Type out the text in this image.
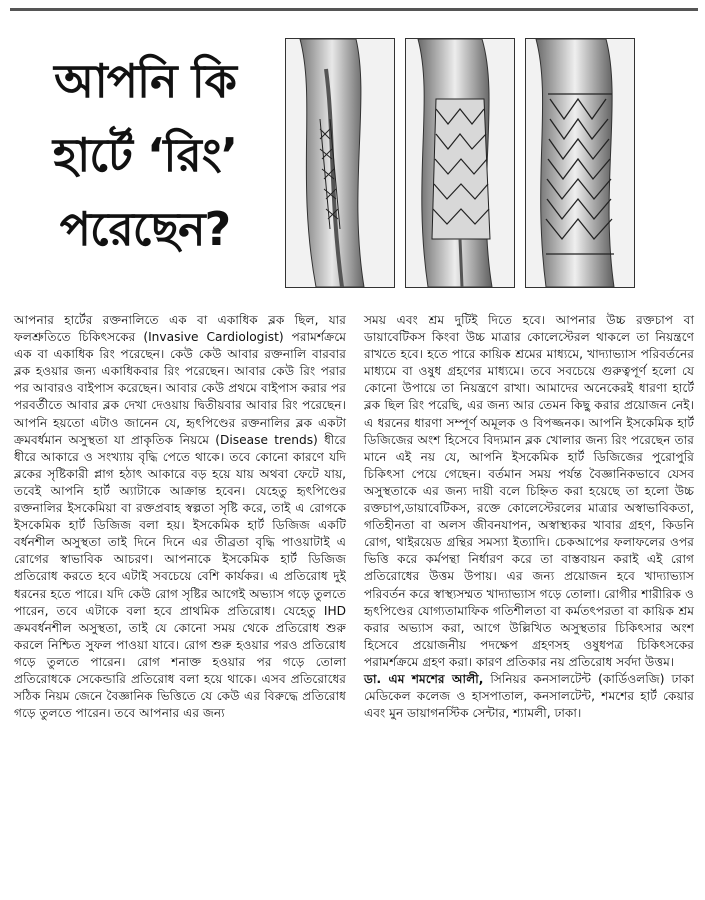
আপনি কি
হার্টে ‘রিং’
পরেছেন?

আপনার হার্টের রক্তনালিতে এক বা একাধিক ব্লক ছিল, যার ফলশ্রুতিতে চিকিৎসকের (Invasive Cardiologist) পরামর্শক্রমে এক বা একাধিক রিং পরেছেন। কেউ কেউ আবার রক্তনালি বারবার ব্লক হওয়ার জন্য একাধিকবার রিং পরেছেন। আবার কেউ রিং পরার পর আবারও বাইপাস করেছেন। আবার কেউ প্রথমে বাইপাস করার পর পরবর্তীতে আবার ব্লক দেখা দেওয়ায় দ্বিতীয়বার আবার রিং পরেছেন। আপনি হয়তো এটাও জানেন যে, হৃৎপিণ্ডের রক্তনালির ব্লক একটা ক্রমবর্ধমান অসুস্থতা যা প্রাকৃতিক নিয়মে (Disease trends) ধীরে ধীরে আকারে ও সংখ্যায় বৃদ্ধি পেতে থাকে। তবে কোনো কারণে যদি ব্লকের সৃষ্টিকারী প্লাগ হঠাৎ আকারে বড় হয়ে যায় অথবা ফেটে যায়, তবেই আপনি হার্ট অ্যাটাকে আক্রান্ত হবেন। যেহেতু হৃৎপিণ্ডের রক্তনালির ইসকেমিয়া বা রক্তপ্রবাহ স্বল্পতা সৃষ্টি করে, তাই এ রোগকে ইসকেমিক হার্ট ডিজিজ বলা হয়। ইসকেমিক হার্ট ডিজিজ একটি বর্ধনশীল অসুস্থতা তাই দিনে দিনে এর তীব্রতা বৃদ্ধি পাওয়াটাই এ রোগের স্বাভাবিক আচরণ। আপনাকে ইসকেমিক হার্ট ডিজিজ প্রতিরোধ করতে হবে এটাই সবচেয়ে বেশি কার্যকর। এ প্রতিরোধ দুই ধরনের হতে পারে। যদি কেউ রোগ সৃষ্টির আগেই অভ্যাস গড়ে তুলতে পারেন, তবে এটাকে বলা হবে প্রাথমিক প্রতিরোধ। যেহেতু IHD ক্রমবর্ধনশীল অসুস্থতা, তাই যে কোনো সময় থেকে প্রতিরোধ শুরু করলে নিশ্চিত সুফল পাওয়া যাবে। রোগ শুরু হওয়ার পরও প্রতিরোধ গড়ে তুলতে পারেন। রোগ শনাক্ত হওয়ার পর গড়ে তোলা প্রতিরোধকে সেকেন্ডারি প্রতিরোধ বলা হয়ে থাকে। এসব প্রতিরোধের সঠিক নিয়ম জেনে বৈজ্ঞানিক ভিত্তিতে যে কেউ এর বিরুদ্ধে প্রতিরোধ গড়ে তুলতে পারেন। তবে আপনার এর জন্য

সময় এবং শ্রম দুটিই দিতে হবে। আপনার উচ্চ রক্তচাপ বা ডায়াবেটিকস কিংবা উচ্চ মাত্রার কোলেস্টেরল থাকলে তা নিয়ন্ত্রণে রাখতে হবে। হতে পারে কায়িক শ্রমের মাধ্যমে, খাদ্যাভ্যাস পরিবর্তনের মাধ্যমে বা ওষুধ গ্রহণের মাধ্যমে। তবে সবচেয়ে গুরুত্বপূর্ণ হলো যে কোনো উপায়ে তা নিয়ন্ত্রণে রাখা। আমাদের অনেকেরই ধারণা হার্টে ব্লক ছিল রিং পরেছি, এর জন্য আর তেমন কিছু করার প্রয়োজন নেই। এ ধরনের ধারণা সম্পূর্ণ অমূলক ও বিপজ্জনক। আপনি ইসকেমিক হার্ট ডিজিজের অংশ হিসেবে বিদ্যমান ব্লক খোলার জন্য রিং পরেছেন তার মানে এই নয় যে, আপনি ইসকেমিক হার্ট ডিজিজের পুরোপুরি চিকিৎসা পেয়ে গেছেন। বর্তমান সময় পর্যন্ত বৈজ্ঞানিকভাবে যেসব অসুস্থতাকে এর জন্য দায়ী বলে চিহ্নিত করা হয়েছে তা হলো উচ্চ রক্তচাপ,ডায়াবেটিকস, রক্তে কোলেস্টেরলের মাত্রার অস্বাভাবিকতা, গতিহীনতা বা অলস জীবনযাপন, অস্বাস্থ্যকর খাবার গ্রহণ, কিডনি রোগ, থাইরয়েড গ্রন্থির সমস্যা ইত্যাদি। চেকআপের ফলাফলের ওপর ভিত্তি করে কর্মপন্থা নির্ধারণ করে তা বাস্তবায়ন করাই এই রোগ প্রতিরোধের উত্তম উপায়। এর জন্য প্রয়োজন হবে খাদ্যাভ্যাস পরিবর্তন করে স্বাস্থ্যসম্মত খাদ্যাভ্যাস গড়ে তোলা। রোগীর শারীরিক ও হৃৎপিণ্ডের যোগ্যতামাফিক গতিশীলতা বা কর্মতৎপরতা বা কায়িক শ্রম করার অভ্যাস করা, আগে উল্লিখিত অসুস্থতার চিকিৎসার অংশ হিসেবে প্রয়োজনীয় পদক্ষেপ গ্রহণসহ ওষুধপত্র চিকিৎসকের পরামর্শক্রমে গ্রহণ করা। কারণ প্রতিকার নয় প্রতিরোধ সর্বদা উত্তম।

ডা. এম শমশের আলী, সিনিয়র কনসালটেন্ট (কার্ডিওলজি) ঢাকা মেডিকেল কলেজ ও হাসপাতাল, কনসালটেন্ট, শমশের হার্ট কেয়ার এবং মুন ডায়াগনস্টিক সেন্টার, শ্যামলী, ঢাকা।
